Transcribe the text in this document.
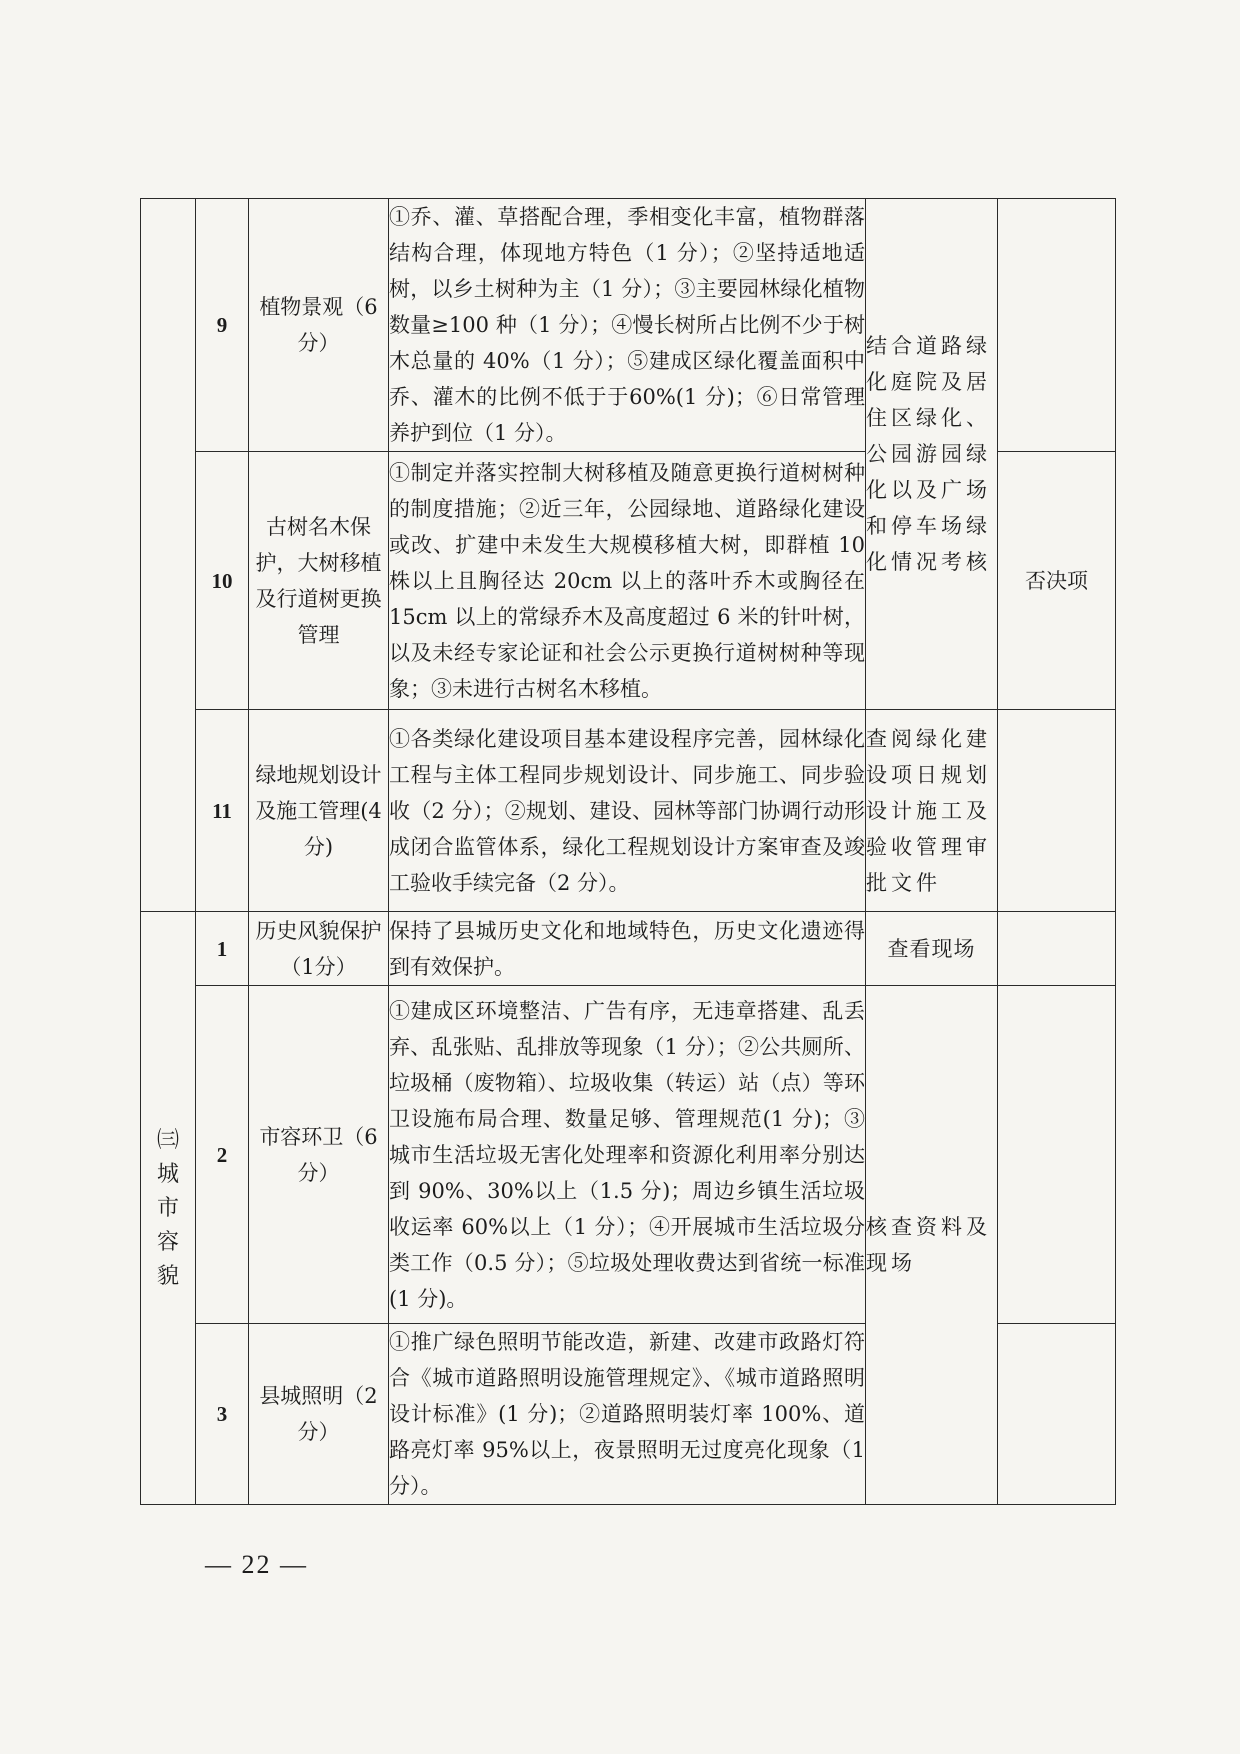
	9	植物景观（6 分）	①乔、灌、草搭配合理，季相变化丰富，植物群落结构合理，体现地方特色（1 分）；②坚持适地适树，以乡土树种为主（1 分）；③主要园林绿化植物数量≥100 种（1 分）；④慢长树所占比例不少于树木总量的 40%（1 分）；⑤建成区绿化覆盖面积中乔、灌木的比例不低于于60%(1 分)；⑥日常管理养护到位（1 分）。	结合道路绿化庭院及居住区绿化、公园游园绿化以及广场和停车场绿化情况考核	
	10	古树名木保护，大树移植及行道树更换管理	①制定并落实控制大树移植及随意更换行道树树种的制度措施；②近三年，公园绿地、道路绿化建设或改、扩建中未发生大规模移植大树，即群植 10 株以上且胸径达 20cm 以上的落叶乔木或胸径在 15cm 以上的常绿乔木及高度超过 6 米的针叶树，以及未经专家论证和社会公示更换行道树树种等现象；③未进行古树名木移植。		否决项
	11	绿地规划设计及施工管理(4 分)	①各类绿化建设项目基本建设程序完善，园林绿化工程与主体工程同步规划设计、同步施工、同步验收（2 分）；②规划、建设、园林等部门协调行动形成闭合监管体系，绿化工程规划设计方案审查及竣工验收手续完备（2 分）。	查阅绿化建设项日规划设计施工及验收管理审批文件	
㈢
城市容貌	1	历史风貌保护（1分）	保持了县城历史文化和地域特色，历史文化遗迹得到有效保护。	查看现场	
	2	市容环卫（6 分）	①建成区环境整洁、广告有序，无违章搭建、乱丢弃、乱张贴、乱排放等现象（1 分）；②公共厕所、垃圾桶（废物箱）、垃圾收集（转运）站（点）等环卫设施布局合理、数量足够、管理规范(1 分)；③城市生活垃圾无害化处理率和资源化利用率分别达到 90%、30%以上（1.5 分)；周边乡镇生活垃圾收运率 60%以上（1 分）；④开展城市生活垃圾分类工作（0.5 分）；⑤垃圾处理收费达到省统一标准(1 分)。	核查资料及现场	
	3	县城照明（2 分）	①推广绿色照明节能改造，新建、改建市政路灯符合《城市道路照明设施管理规定》、《城市道路照明设计标准》(1 分)；②道路照明装灯率 100%、道路亮灯率 95%以上，夜景照明无过度亮化现象（1 分）。		
— 22 —
